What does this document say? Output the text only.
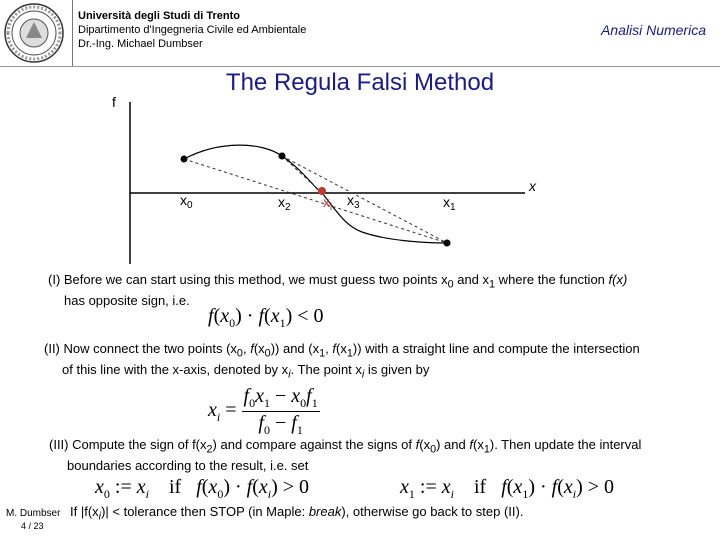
Università degli Studi di Trento
Dipartimento d'Ingegneria Civile ed Ambientale
Dr.-Ing. Michael Dumbser
Analisi Numerica
The Regula Falsi Method
f
x
$x_0$	$x_2$ $x_i$ $x_3$	$x_1$
(I) Before we can start using this method, we must guess two points $x_0$ and $x_1$ where the function f(x)
has opposite sign, i.e.
$f(x_0) \cdot f(x_1) < 0$
(II) Now connect the two points ($x_0$, $f(x_0)$) and ($x_1$, $f(x_1)$) with a straight line and compute the intersection
of this line with the x-axis, denoted by $x_i$. The point $x_i$ is given by
$x_i = \frac{f_0x_1 - x_0f_1}{f_0 - f_1}$
(III) Compute the sign of $f(x_2)$ and compare against the signs of $f(x_0)$ and $f(x_1)$. Then update the interval
boundaries according to the result, i.e. set
$x_0$ := $x_i$    if   $f(x_0) \cdot f(x_i) > 0$	$x_1$ := $x_i$    if   $f(x_1) \cdot f(x_i) > 0$
If $|f(x_i)|$ < tolerance then STOP (in Maple: break), otherwise go back to step (II).
M. Dumbser
4 / 23
